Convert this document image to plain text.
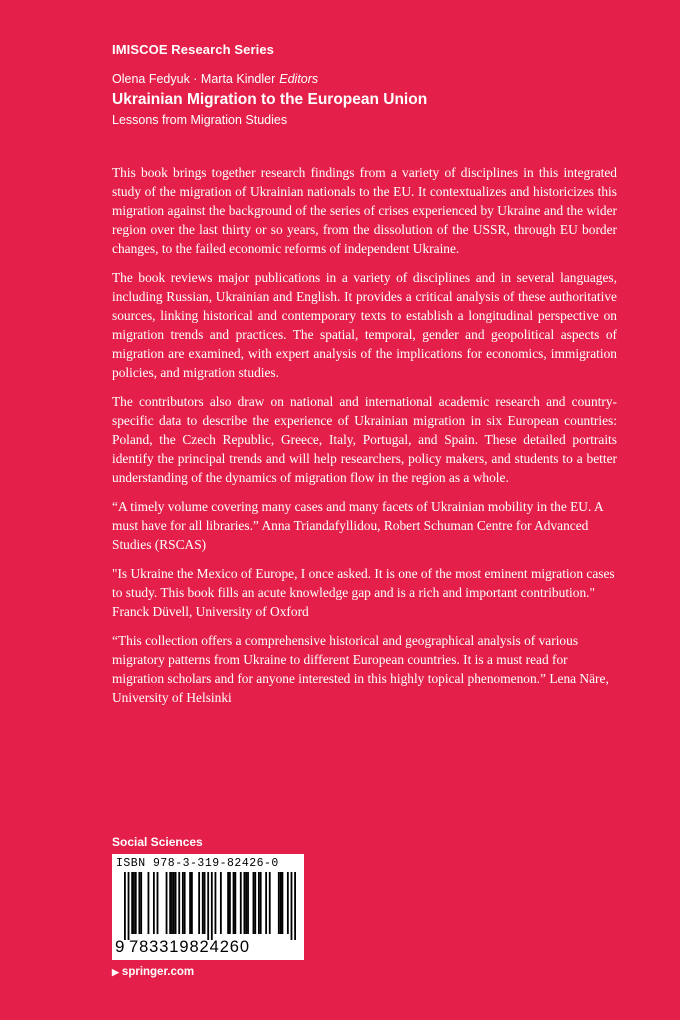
IMISCOE Research Series
Olena Fedyuk · Marta Kindler Editors
Ukrainian Migration to the European Union
Lessons from Migration Studies

This book brings together research findings from a variety of disciplines in this integrated study of the migration of Ukrainian nationals to the EU. It contextualizes and historicizes this migration against the background of the series of crises experienced by Ukraine and the wider region over the last thirty or so years, from the dissolution of the USSR, through EU border changes, to the failed economic reforms of independent Ukraine.

The book reviews major publications in a variety of disciplines and in several languages, including Russian, Ukrainian and English. It provides a critical analysis of these authoritative sources, linking historical and contemporary texts to establish a longitudinal perspective on migration trends and practices. The spatial, temporal, gender and geopolitical aspects of migration are examined, with expert analysis of the implications for economics, immigration policies, and migration studies.

The contributors also draw on national and international academic research and country-specific data to describe the experience of Ukrainian migration in six European countries: Poland, the Czech Republic, Greece, Italy, Portugal, and Spain. These detailed portraits identify the principal trends and will help researchers, policy makers, and students to a better understanding of the dynamics of migration flow in the region as a whole.

“A timely volume covering many cases and many facets of Ukrainian mobility in the EU. A must have for all libraries.” Anna Triandafyllidou, Robert Schuman Centre for Advanced Studies (RSCAS)

"Is Ukraine the Mexico of Europe, I once asked. It is one of the most eminent migration cases to study. This book fills an acute knowledge gap and is a rich and important contribution." Franck Düvell, University of Oxford

“This collection offers a comprehensive historical and geographical analysis of various migratory patterns from Ukraine to different European countries. It is a must read for migration scholars and for anyone interested in this highly topical phenomenon.” Lena Näre, University of Helsinki

Social Sciences
ISBN 978-3-319-82426-0
9 783319824260
▶ springer.com
